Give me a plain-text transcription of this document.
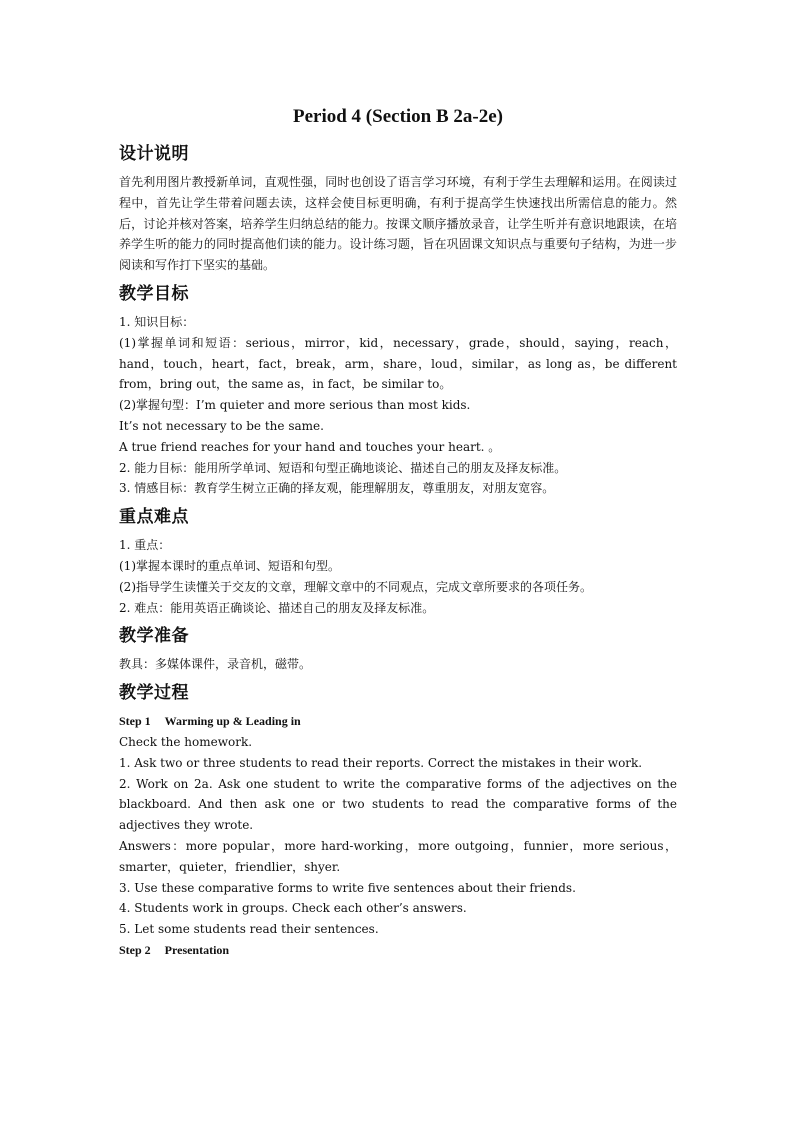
Period 4 (Section B 2a-2e)
设计说明

首先利用图片教授新单词，直观性强，同时也创设了语言学习环境，有利于学生去理解和运用。在阅读过程中，首先让学生带着问题去读，这样会使目标更明确，有利于提高学生快速找出所需信息的能力。然后，讨论并核对答案，培养学生归纳总结的能力。按课文顺序播放录音，让学生听并有意识地跟读，在培养学生听的能力的同时提高他们读的能力。设计练习题，旨在巩固课文知识点与重要句子结构，为进一步阅读和写作打下坚实的基础。

教学目标

1. 知识目标：

(1)掌握单词和短语：serious，mirror，kid，necessary，grade，should，saying，reach，hand，touch，heart，fact，break，arm，share，loud，similar，as long as，be different from，bring out，the same as，in fact，be similar to。

(2)掌握句型：I’m quieter and more serious than most kids.

It’s not necessary to be the same.

A true friend reaches for your hand and touches your heart. 。

2. 能力目标：能用所学单词、短语和句型正确地谈论、描述自己的朋友及择友标准。

3. 情感目标：教育学生树立正确的择友观，能理解朋友，尊重朋友，对朋友宽容。

重点难点

1. 重点：

(1)掌握本课时的重点单词、短语和句型。

(2)指导学生读懂关于交友的文章，理解文章中的不同观点，完成文章所要求的各项任务。

2. 难点：能用英语正确谈论、描述自己的朋友及择友标准。

教学准备

教具：多媒体课件，录音机，磁带。

教学过程

Step 1 Warming up & Leading in

Check the homework.

1. Ask two or three students to read their reports. Correct the mistakes in their work.

2. Work on 2a. Ask one student to write the comparative forms of the adjectives on the blackboard. And then ask one or two students to read the comparative forms of the adjectives they wrote.

Answers：more popular，more hard-working，more outgoing，funnier，more serious，smarter，quieter，friendlier，shyer.

3. Use these comparative forms to write five sentences about their friends.

4. Students work in groups. Check each other’s answers.

5. Let some students read their sentences.

Step 2 Presentation
